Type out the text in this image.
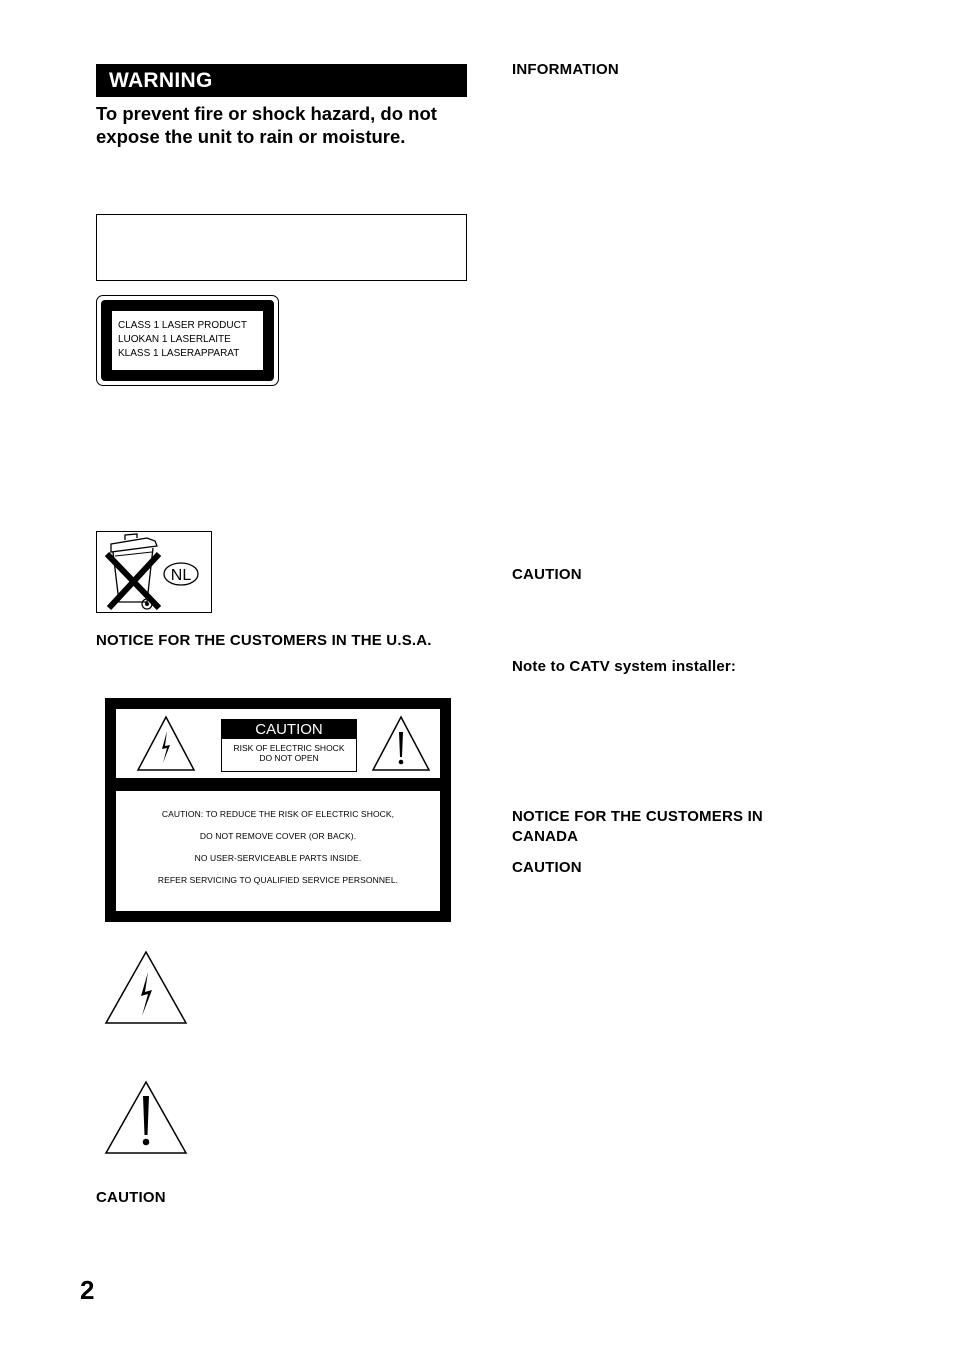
WARNING
To prevent fire or shock hazard, do not expose the unit to rain or moisture.
CLASS 1 LASER PRODUCT
LUOKAN 1 LASERLAITE
KLASS 1 LASERAPPARAT
NL
NOTICE FOR THE CUSTOMERS IN THE U.S.A.
CAUTION
RISK OF ELECTRIC SHOCK
DO NOT OPEN
CAUTION: TO REDUCE THE RISK OF ELECTRIC SHOCK,
DO NOT REMOVE COVER (OR BACK).
NO USER-SERVICEABLE PARTS INSIDE.
REFER SERVICING TO QUALIFIED SERVICE PERSONNEL.
CAUTION
INFORMATION
CAUTION
Note to CATV system installer:
NOTICE FOR THE CUSTOMERS IN CANADA
CAUTION
2
